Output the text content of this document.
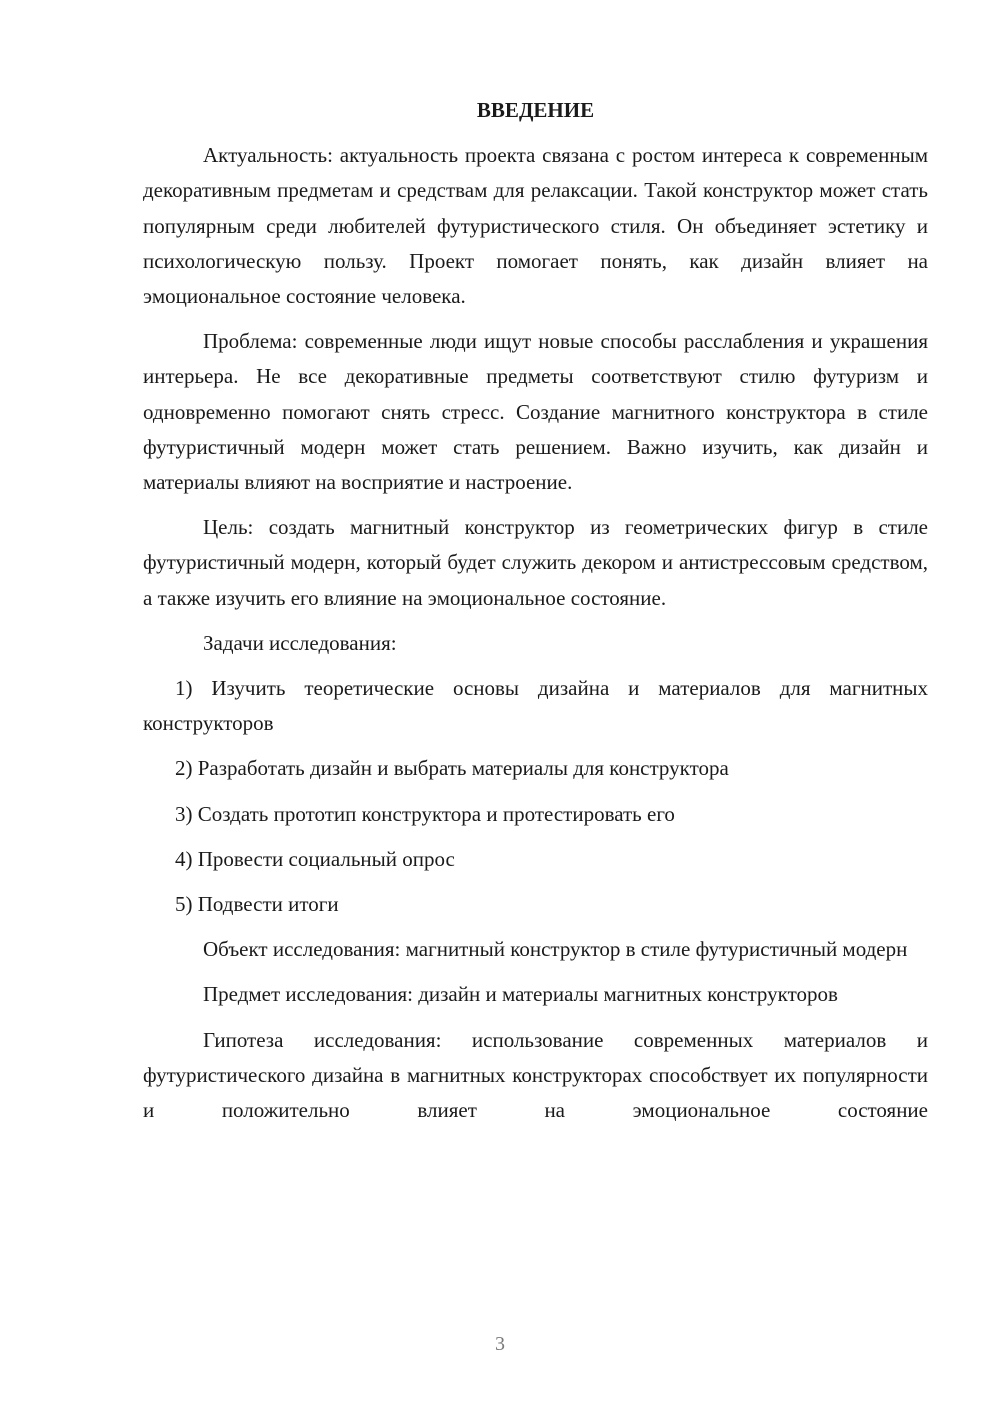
ВВЕДЕНИЕ

Актуальность: актуальность проекта связана с ростом интереса к современным декоративным предметам и средствам для релаксации. Такой конструктор может стать популярным среди любителей футуристического стиля. Он объединяет эстетику и психологическую пользу. Проект помогает понять, как дизайн влияет на эмоциональное состояние человека.

Проблема: современные люди ищут новые способы расслабления и украшения интерьера. Не все декоративные предметы соответствуют стилю футуризм и одновременно помогают снять стресс. Создание магнитного конструктора в стиле футуристичный модерн может стать решением. Важно изучить, как дизайн и материалы влияют на восприятие и настроение.

Цель: создать магнитный конструктор из геометрических фигур в стиле футуристичный модерн, который будет служить декором и антистрессовым средством, а также изучить его влияние на эмоциональное состояние.

Задачи исследования:

1) Изучить теоретические основы дизайна и материалов для магнитных конструкторов

2) Разработать дизайн и выбрать материалы для конструктора

3) Создать прототип конструктора и протестировать его

4) Провести социальный опрос

5) Подвести итоги

Объект исследования: магнитный конструктор в стиле футуристичный модерн

Предмет исследования: дизайн и материалы магнитных конструкторов

Гипотеза исследования: использование современных материалов и футуристического дизайна в магнитных конструкторах способствует их популярности и положительно влияет на эмоциональное состояние

3
